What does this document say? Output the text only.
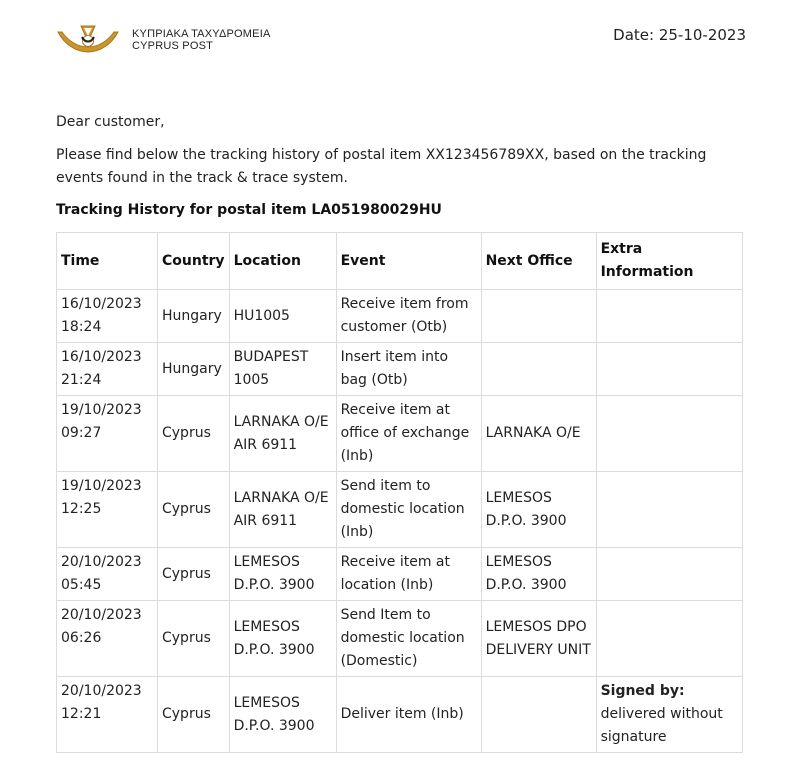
ΚΥΠΡΙΑΚΑ ΤΑΧΥΔΡΟΜΕΙΑ
CYPRUS POST
Date: 25-10-2023
Dear customer,
Please find below the tracking history of postal item XX123456789XX, based on the tracking events found in the track & trace system.
Tracking History for postal item LA051980029HU
Time	Country	Location	Event	Next Office	Extra Information
16/10/2023 18:24	Hungary	HU1005	Receive item from customer (Otb)		
16/10/2023 21:24	Hungary	BUDAPEST 1005	Insert item into bag (Otb)		
19/10/2023 09:27	Cyprus	LARNAKA O/E AIR 6911	Receive item at office of exchange (Inb)	LARNAKA O/E	
19/10/2023 12:25	Cyprus	LARNAKA O/E AIR 6911	Send item to domestic location (Inb)	LEMESOS D.P.O. 3900	
20/10/2023 05:45	Cyprus	LEMESOS D.P.O. 3900	Receive item at location (Inb)	LEMESOS D.P.O. 3900	
20/10/2023 06:26	Cyprus	LEMESOS D.P.O. 3900	Send Item to domestic location (Domestic)	LEMESOS DPO DELIVERY UNIT	
20/10/2023 12:21	Cyprus	LEMESOS D.P.O. 3900	Deliver item (Inb)		Signed by:
delivered without signature
